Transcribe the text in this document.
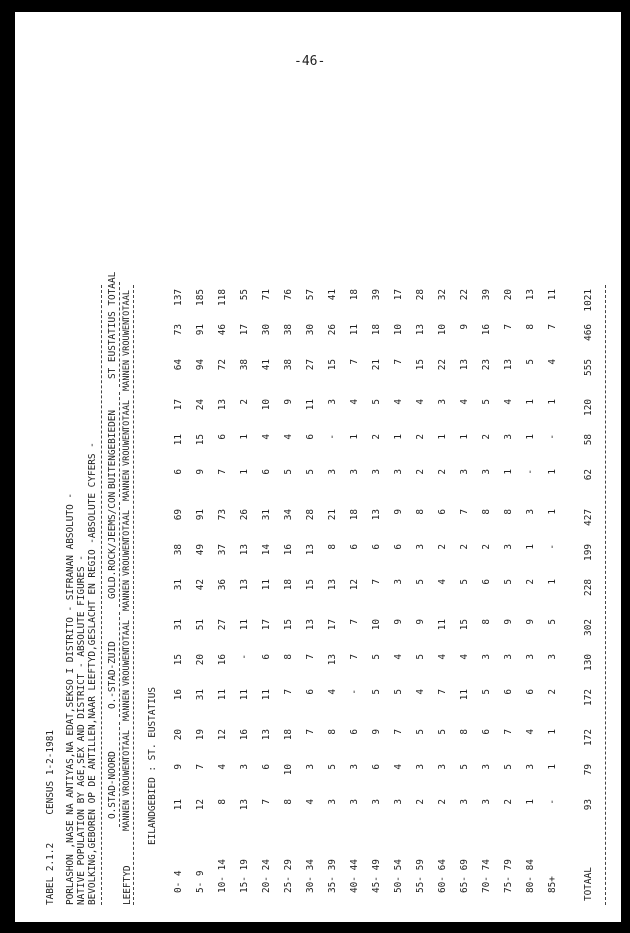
-46-
TABEL 2.1.2     CENSUS 1-2-1981 PORLASHON ,NASE NA ANTIYAS,NA EDAT,SEKSO I DISTRITO - SIFRANAN ABSOLUTO - NATIVE POPULATION BY AGE,SEX AND DISTRICT - ABSOLUTE FIGURES - BEVOLKING,GEBOREN OP DE ANTILLEN,NAAR LEEFTYD,GESLACHT EN REGIO -ABSOLUTE CYFERS - O.STAD-NOORD
O.-STAD-ZUID
GOLD.ROCK/JEEMS/CON
BUITENGEBIEDEN
ST EUSTATIUS TOTAAL
LEEFTYD
MANNEN
VROUWEN
TOTAAL
MANNEN
VROUWEN
TOTAAL
MANNEN
VROUWEN
TOTAAL
MANNEN
VROUWEN
TOTAAL
MANNEN
VROUWEN
TOTAAL
EILANDGEBIED : ST. EUSTATIUS
0- 4
11
9
20
16
15
31
31
38
69
6
11
17
64
73
137
5- 9
12
7
19
31
20
51
42
49
91
9
15
24
94
91
185
10- 14
8
4
12
11
16
27
36
37
73
7
6
13
72
46
118
15- 19
13
3
16
11
-
11
13
13
26
1
1
2
38
17
55
20- 24
7
6
13
11
6
17
11
14
31
6
4
10
41
30
71
25- 29
8
10
18
7
8
15
18
16
34
5
4
9
38
38
76
30- 34
4
3
7
6
7
13
15
13
28
5
6
11
27
30
57
35- 39
3
5
8
4
13
17
13
8
21
3
-
3
15
26
41
40- 44
3
3
6
-
7
7
12
6
18
3
1
4
7
11
18
45- 49
3
6
9
5
5
10
7
6
13
3
2
5
21
18
39
50- 54
3
4
7
5
4
9
3
6
9
3
1
4
7
10
17
55- 59
2
3
5
4
5
9
5
3
8
2
2
4
15
13
28
60- 64
2
3
5
7
4
11
4
2
6
2
1
3
22
10
32
65- 69
3
5
8
11
4
15
5
2
7
3
1
4
13
9
22
70- 74
3
3
6
5
3
8
6
2
8
3
2
5
23
16
39
75- 79
2
5
7
6
3
9
5
3
8
1
3
4
13
7
20
80- 84
1
3
4
6
3
9
2
1
3
-
1
1
5
8
13
85+
-
1
1
2
3
5
1
-
1
1
-
1
4
7
11
TOTAAL
93
79
172
172
130
302
228
199
427
62
58
120
555
466
1021
